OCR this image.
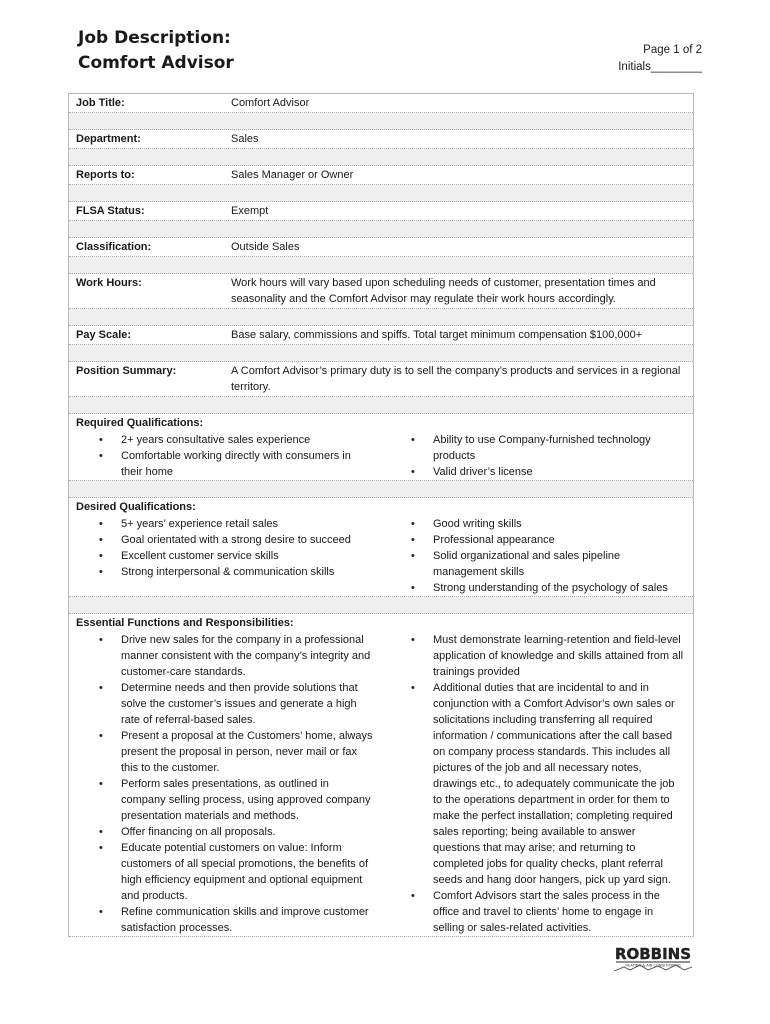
Job Description:
Comfort Advisor
Page 1 of 2
Initials________
Job Title:	Comfort Advisor
Department:	Sales
Reports to:	Sales Manager or Owner
FLSA Status:	Exempt
Classification:	Outside Sales
Work Hours:	Work hours will vary based upon scheduling needs of customer, presentation times and seasonality and the Comfort Advisor may regulate their work hours accordingly.
Pay Scale:	Base salary, commissions and spiffs. Total target minimum compensation $100,000+
Position Summary:	A Comfort Advisor’s primary duty is to sell the company’s products and services in a regional territory.
Required Qualifications:
• 2+ years consultative sales experience
• Comfortable working directly with consumers in their home
• Ability to use Company-furnished technology products
• Valid driver’s license
Desired Qualifications:
• 5+ years’ experience retail sales
• Goal orientated with a strong desire to succeed
• Excellent customer service skills
• Strong interpersonal & communication skills
• Good writing skills
• Professional appearance
• Solid organizational and sales pipeline management skills
• Strong understanding of the psychology of sales
Essential Functions and Responsibilities:
• Drive new sales for the company in a professional manner consistent with the company’s integrity and customer-care standards.
• Determine needs and then provide solutions that solve the customer’s issues and generate a high rate of referral-based sales.
• Present a proposal at the Customers’ home, always present the proposal in person, never mail or fax this to the customer.
• Perform sales presentations, as outlined in company selling process, using approved company presentation materials and methods.
• Offer financing on all proposals.
• Educate potential customers on value: Inform customers of all special promotions, the benefits of high efficiency equipment and optional equipment and products.
• Refine communication skills and improve customer satisfaction processes.
• Must demonstrate learning-retention and field-level application of knowledge and skills attained from all trainings provided
• Additional duties that are incidental to and in conjunction with a Comfort Advisor’s own sales or solicitations including transferring all required information / communications after the call based on company process standards. This includes all pictures of the job and all necessary notes, drawings etc., to adequately communicate the job to the operations department in order for them to make the perfect installation; completing required sales reporting; being available to answer questions that may arise; and returning to completed jobs for quality checks, plant referral seeds and hang door hangers, pick up yard sign.
• Comfort Advisors start the sales process in the office and travel to clients’ home to engage in selling or sales-related activities.
ROBBINS
HEATING & AIR CONDITIONING
